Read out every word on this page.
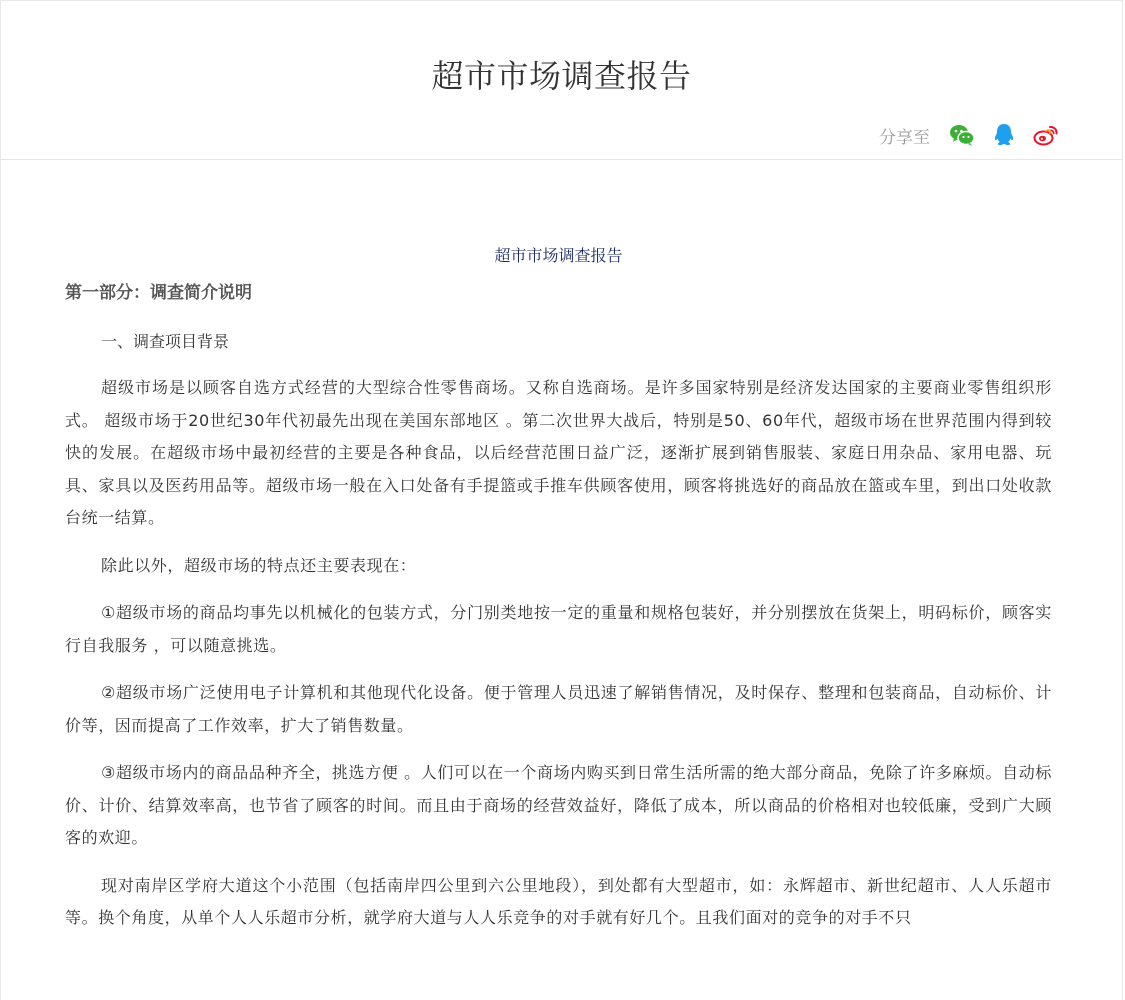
超市市场调查报告
分享至
超市市场调查报告
第一部分：调查简介说明
一、调查项目背景

超级市场是以顾客自选方式经营的大型综合性零售商场。又称自选商场。是许多国家特别是经济发达国家的主要商业零售组织形式。 超级市场于20世纪30年代初最先出现在美国东部地区 。第二次世界大战后，特别是50、60年代，超级市场在世界范围内得到较快的发展。在超级市场中最初经营的主要是各种食品，以后经营范围日益广泛，逐渐扩展到销售服装、家庭日用杂品、家用电器、玩具、家具以及医药用品等。超级市场一般在入口处备有手提篮或手推车供顾客使用，顾客将挑选好的商品放在篮或车里，到出口处收款台统一结算。

除此以外，超级市场的特点还主要表现在：

①超级市场的商品均事先以机械化的包装方式，分门别类地按一定的重量和规格包装好，并分别摆放在货架上，明码标价，顾客实行自我服务 ，可以随意挑选。

②超级市场广泛使用电子计算机和其他现代化设备。便于管理人员迅速了解销售情况，及时保存、整理和包装商品，自动标价、计价等，因而提高了工作效率，扩大了销售数量。

③超级市场内的商品品种齐全，挑选方便 。人们可以在一个商场内购买到日常生活所需的绝大部分商品，免除了许多麻烦。自动标价、计价、结算效率高，也节省了顾客的时间。而且由于商场的经营效益好，降低了成本，所以商品的价格相对也较低廉，受到广大顾客的欢迎。

现对南岸区学府大道这个小范围（包括南岸四公里到六公里地段），到处都有大型超市，如：永辉超市、新世纪超市、人人乐超市等。换个角度，从单个人人乐超市分析，就学府大道与人人乐竞争的对手就有好几个。且我们面对的竞争的对手不只
